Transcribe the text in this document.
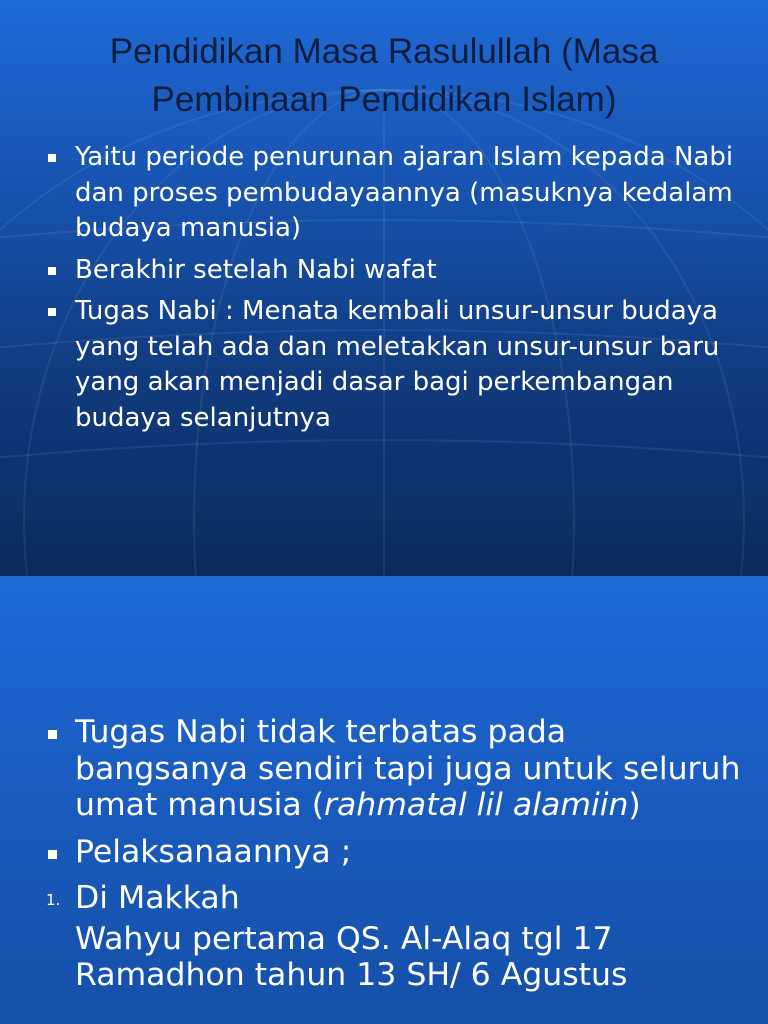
Pendidikan Masa Rasulullah (Masa Pembinaan Pendidikan Islam)
Yaitu periode penurunan ajaran Islam kepada Nabi dan proses pembudayaannya (masuknya kedalam budaya manusia)
Berakhir setelah Nabi wafat
Tugas Nabi : Menata kembali unsur-unsur budaya yang telah ada dan meletakkan unsur-unsur baru yang akan menjadi dasar bagi perkembangan budaya selanjutnya
Tugas Nabi tidak terbatas pada bangsanya sendiri tapi juga untuk seluruh umat manusia (rahmatal lil alamiin)
Pelaksanaannya ;
1. Di Makkah
Wahyu pertama QS. Al-Alaq tgl 17 Ramadhon tahun 13 SH/ 6 Agustus
